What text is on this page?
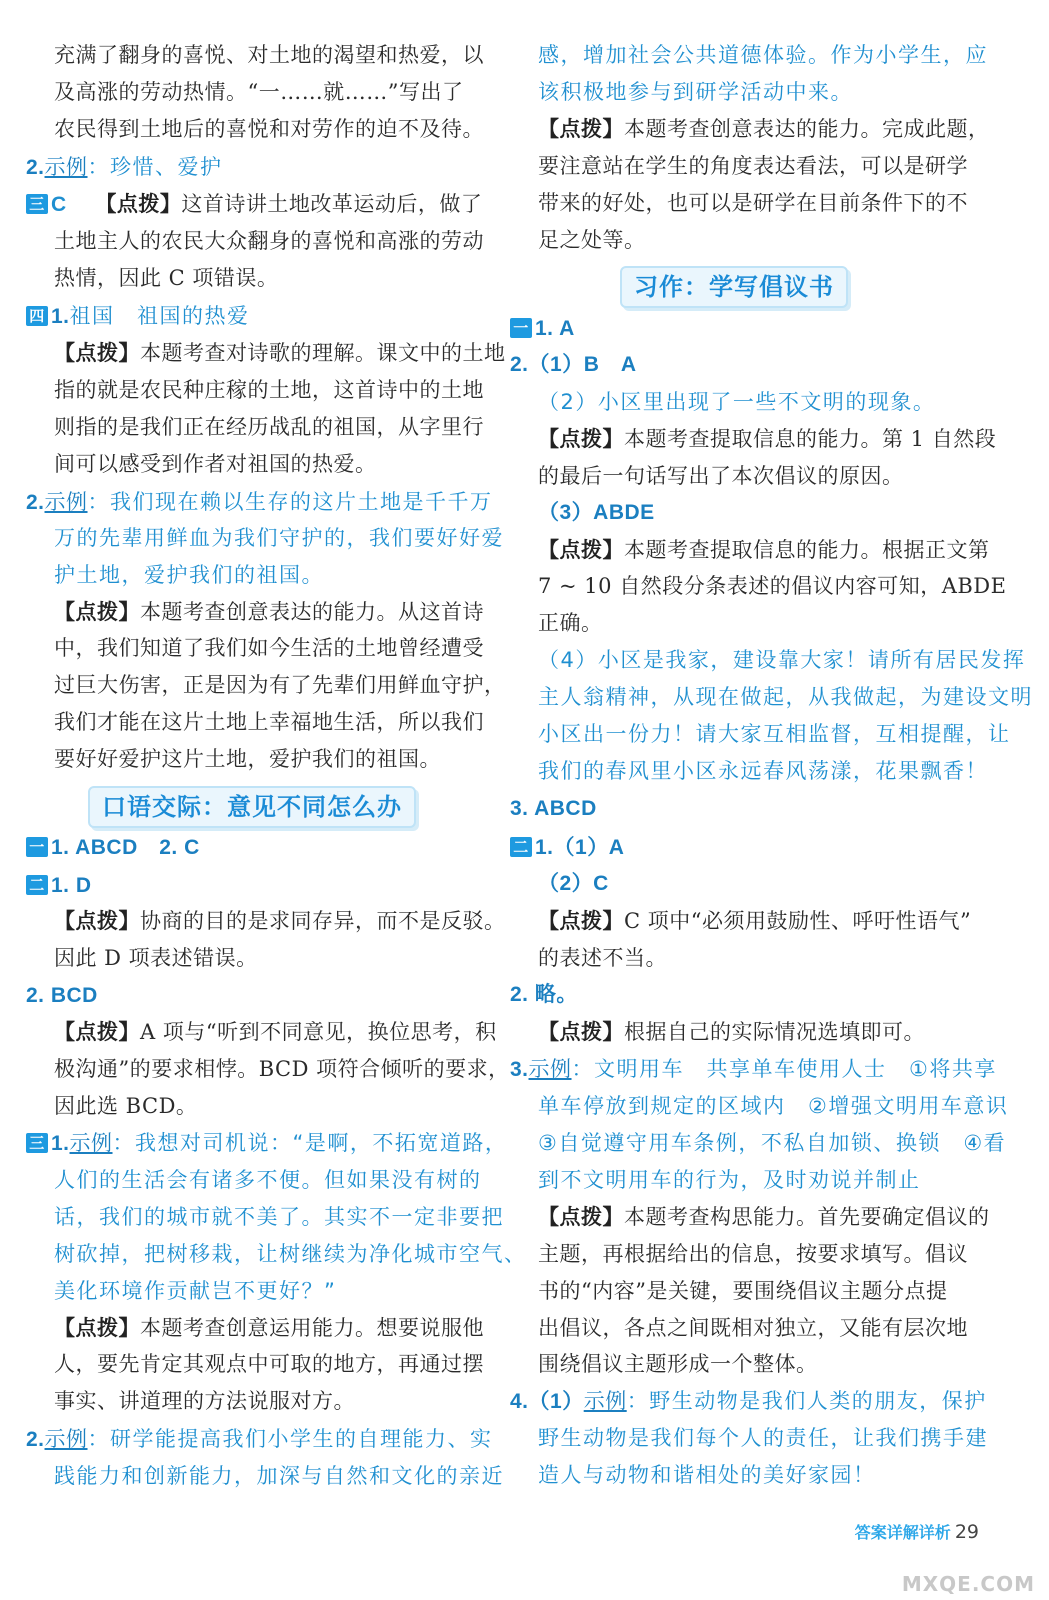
充满了翻身的喜悦、对土地的渴望和热爱，以
及高涨的劳动热情。“一……就……”写出了
农民得到土地后的喜悦和对劳作的迫不及待。
2.示例：珍惜、爱护
三 C 【点拨】这首诗讲土地改革运动后，做了
土地主人的农民大众翻身的喜悦和高涨的劳动
热情，因此 C 项错误。
四 1.祖国　祖国的热爱
【点拨】本题考查对诗歌的理解。课文中的土地
指的就是农民种庄稼的土地，这首诗中的土地
则指的是我们正在经历战乱的祖国，从字里行
间可以感受到作者对祖国的热爱。
2.示例：我们现在赖以生存的这片土地是千千万
万的先辈用鲜血为我们守护的，我们要好好爱
护土地，爱护我们的祖国。
【点拨】本题考查创意表达的能力。从这首诗
中，我们知道了我们如今生活的土地曾经遭受
过巨大伤害，正是因为有了先辈们用鲜血守护，
我们才能在这片土地上幸福地生活，所以我们
要好好爱护这片土地，爱护我们的祖国。
口语交际：意见不同怎么办
一 1. ABCD　2. C
二 1. D
【点拨】协商的目的是求同存异，而不是反驳。
因此 D 项表述错误。
2. BCD
【点拨】A 项与“听到不同意见，换位思考，积
极沟通”的要求相悖。BCD 项符合倾听的要求，
因此选 BCD。
三 1.示例：我想对司机说：“是啊，不拓宽道路，
人们的生活会有诸多不便。但如果没有树的
话，我们的城市就不美了。其实不一定非要把
树砍掉，把树移栽，让树继续为净化城市空气、
美化环境作贡献岂不更好？”
【点拨】本题考查创意运用能力。想要说服他
人，要先肯定其观点中可取的地方，再通过摆
事实、讲道理的方法说服对方。
2.示例：研学能提高我们小学生的自理能力、实
践能力和创新能力，加深与自然和文化的亲近
感，增加社会公共道德体验。作为小学生，应
该积极地参与到研学活动中来。
【点拨】本题考查创意表达的能力。完成此题，
要注意站在学生的角度表达看法，可以是研学
带来的好处，也可以是研学在目前条件下的不
足之处等。
习作：学写倡议书
一 1. A
2.（1）B　A
（2）小区里出现了一些不文明的现象。
【点拨】本题考查提取信息的能力。第 1 自然段
的最后一句话写出了本次倡议的原因。
（3）ABDE
【点拨】本题考查提取信息的能力。根据正文第
7 ~ 10 自然段分条表述的倡议内容可知，ABDE
正确。
（4）小区是我家，建设靠大家！请所有居民发挥
主人翁精神，从现在做起，从我做起，为建设文明
小区出一份力！请大家互相监督，互相提醒，让
我们的春风里小区永远春风荡漾，花果飘香！
3. ABCD
二 1.（1）A
（2）C
【点拨】C 项中“必须用鼓励性、呼吁性语气”
的表述不当。
2. 略。
【点拨】根据自己的实际情况选填即可。
3.示例：文明用车　共享单车使用人士　①将共享
单车停放到规定的区域内　②增强文明用车意识
③自觉遵守用车条例，不私自加锁、换锁　④看
到不文明用车的行为，及时劝说并制止
【点拨】本题考查构思能力。首先要确定倡议的
主题，再根据给出的信息，按要求填写。倡议
书的“内容”是关键，要围绕倡议主题分点提
出倡议，各点之间既相对独立，又能有层次地
围绕倡议主题形成一个整体。
4.（1）示例：野生动物是我们人类的朋友，保护
野生动物是我们每个人的责任，让我们携手建
造人与动物和谐相处的美好家园！
答案详解详析 29
MXQE.COM
